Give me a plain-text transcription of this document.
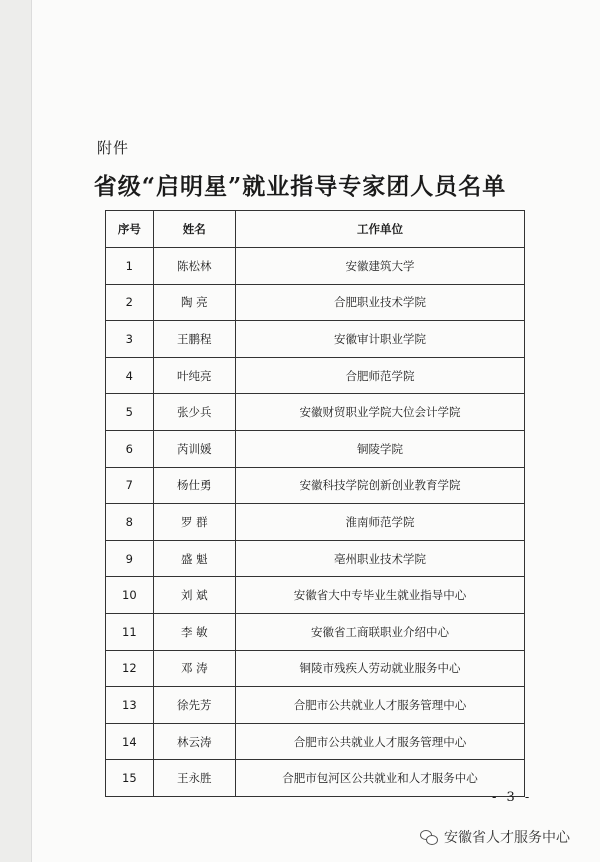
附件
省级“启明星”就业指导专家团人员名单
序号	姓名	工作单位
1	陈松林	安徽建筑大学
2	陶 亮	合肥职业技术学院
3	王鹏程	安徽审计职业学院
4	叶纯亮	合肥师范学院
5	张少兵	安徽财贸职业学院大位会计学院
6	芮训媛	铜陵学院
7	杨仕勇	安徽科技学院创新创业教育学院
8	罗 群	淮南师范学院
9	盛 魁	亳州职业技术学院
10	刘 斌	安徽省大中专毕业生就业指导中心
11	李 敏	安徽省工商联职业介绍中心
12	邓 涛	铜陵市残疾人劳动就业服务中心
13	徐先芳	合肥市公共就业人才服务管理中心
14	林云涛	合肥市公共就业人才服务管理中心
15	王永胜	合肥市包河区公共就业和人才服务中心
- 3 -
安徽省人才服务中心
